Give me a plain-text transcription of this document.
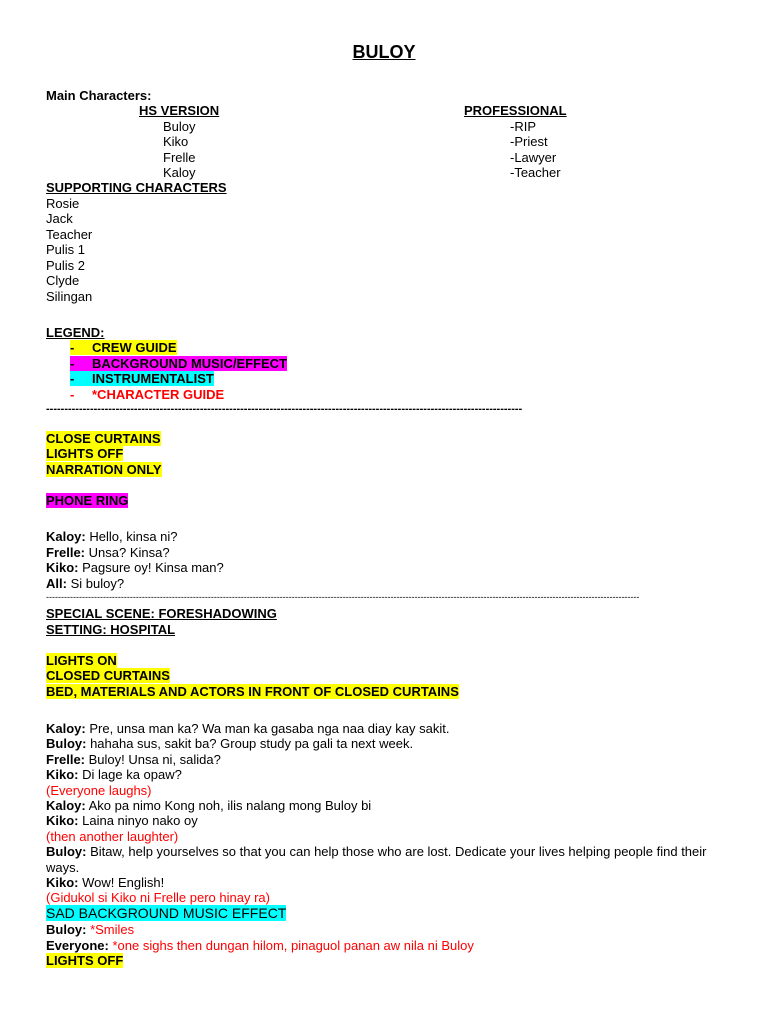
BULOY
Main Characters:
HS VERSION
Buloy
Kiko
Frelle
Kaloy
PROFESSIONAL
-RIP
-Priest
-Lawyer
-Teacher
SUPPORTING CHARACTERS
Rosie
Jack
Teacher
Pulis 1
Pulis 2
Clyde
Silingan
LEGEND:
- CREW GUIDE
- BACKGROUND MUSIC/EFFECT
- INSTRUMENTALIST
- *CHARACTER GUIDE
----------------------------------------------------------------------------------------------------------------------------------
CLOSE CURTAINS
LIGHTS OFF
NARRATION ONLY
PHONE RING
Kaloy: Hello, kinsa ni?
Frelle: Unsa? Kinsa?
Kiko: Pagsure oy! Kinsa man?
All: Si buloy?
------------------------------------------------------------------------------------------------------------------------------------------------------------------------------------------------------
SPECIAL SCENE: FORESHADOWING
SETTING: HOSPITAL
LIGHTS ON
CLOSED CURTAINS
BED, MATERIALS AND ACTORS IN FRONT OF CLOSED CURTAINS
Kaloy: Pre, unsa man ka? Wa man ka gasaba nga naa diay kay sakit.
Buloy: hahaha sus, sakit ba? Group study pa gali ta next week.
Frelle: Buloy! Unsa ni, salida?
Kiko: Di lage ka opaw?
(Everyone laughs)
Kaloy: Ako pa nimo Kong noh, ilis nalang mong Buloy bi
Kiko: Laina ninyo nako oy
(then another laughter)
Buloy: Bitaw, help yourselves so that you can help those who are lost. Dedicate your lives helping people find their ways.
Kiko: Wow! English!
(Gidukol si Kiko ni Frelle pero hinay ra)
SAD BACKGROUND MUSIC EFFECT
Buloy: *Smiles
Everyone: *one sighs then dungan hilom, pinaguol panan aw nila ni Buloy
LIGHTS OFF
